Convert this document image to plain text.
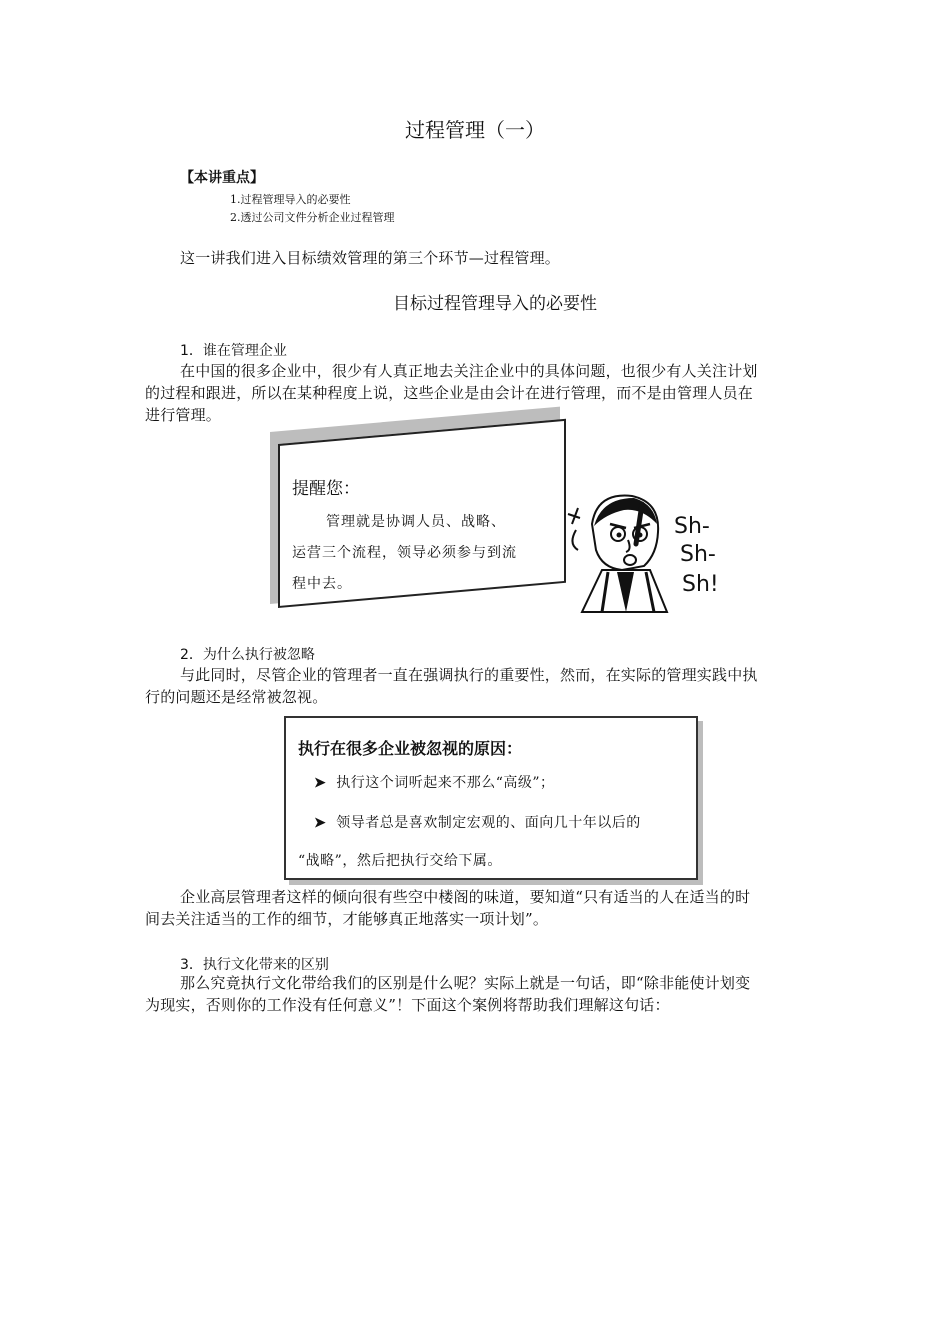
过程管理（一）
【本讲重点】
1.过程管理导入的必要性
2.透过公司文件分析企业过程管理
这一讲我们进入目标绩效管理的第三个环节—过程管理。
目标过程管理导入的必要性
1．谁在管理企业
在中国的很多企业中，很少有人真正地去关注企业中的具体问题，也很少有人关注计划
的过程和跟进，所以在某种程度上说，这些企业是由会计在进行管理，而不是由管理人员在
进行管理。
提醒您：
管理就是协调人员、战略、
运营三个流程，领导必须参与到流
程中去。
Sh-
Sh-
Sh!
2．为什么执行被忽略
与此同时，尽管企业的管理者一直在强调执行的重要性，然而，在实际的管理实践中执
行的问题还是经常被忽视。
执行在很多企业被忽视的原因：
➤ 执行这个词听起来不那么“高级”；
➤ 领导者总是喜欢制定宏观的、面向几十年以后的
“战略”，然后把执行交给下属。
企业高层管理者这样的倾向很有些空中楼阁的味道，要知道“只有适当的人在适当的时
间去关注适当的工作的细节，才能够真正地落实一项计划”。
3．执行文化带来的区别
那么究竟执行文化带给我们的区别是什么呢？实际上就是一句话，即“除非能使计划变
为现实，否则你的工作没有任何意义”！下面这个案例将帮助我们理解这句话：
